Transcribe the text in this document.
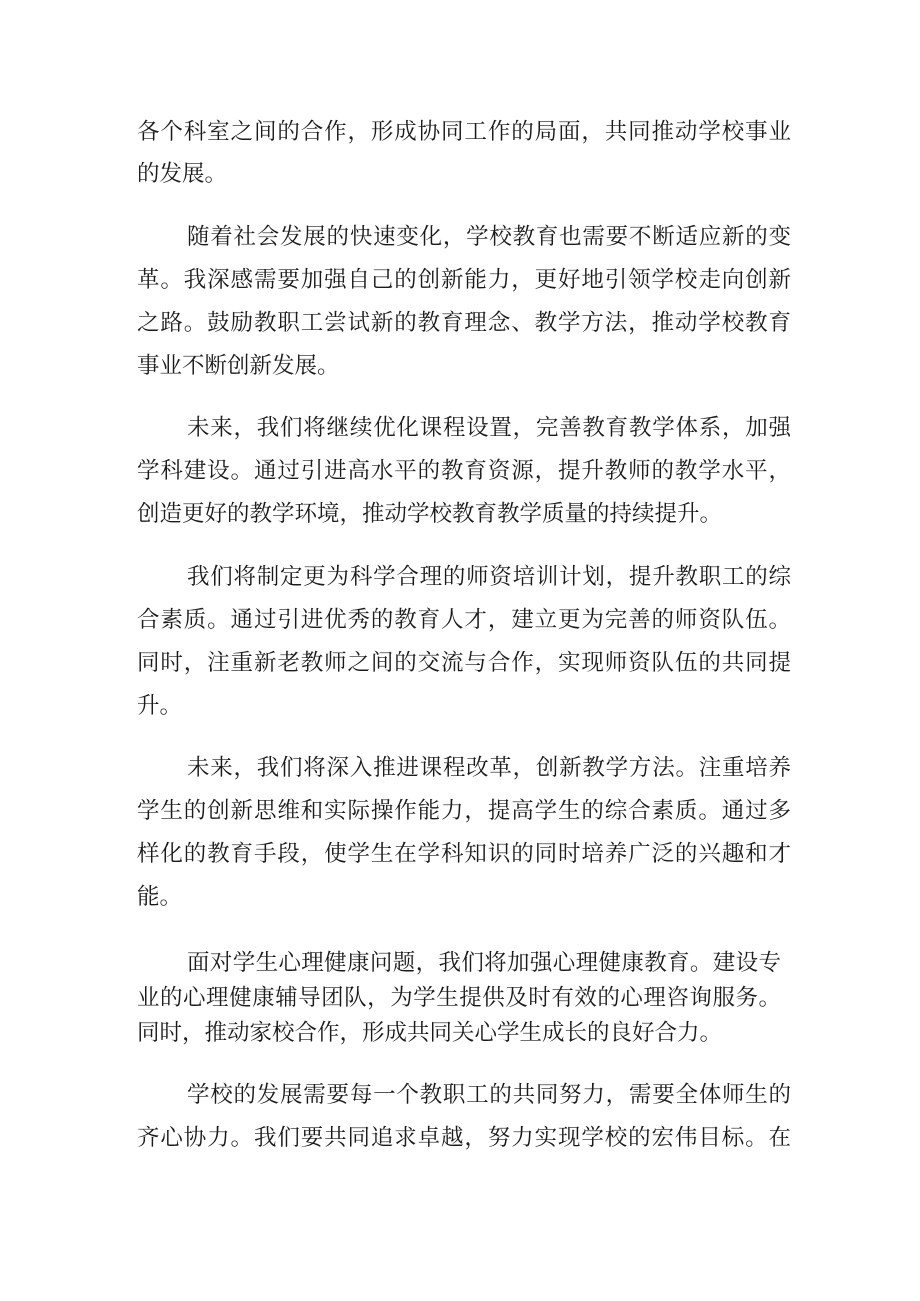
各个科室之间的合作，形成协同工作的局面，共同推动学校事业
的发展。
随着社会发展的快速变化，学校教育也需要不断适应新的变
革。我深感需要加强自己的创新能力，更好地引领学校走向创新
之路。鼓励教职工尝试新的教育理念、教学方法，推动学校教育
事业不断创新发展。
未来，我们将继续优化课程设置，完善教育教学体系，加强
学科建设。通过引进高水平的教育资源，提升教师的教学水平，
创造更好的教学环境，推动学校教育教学质量的持续提升。
我们将制定更为科学合理的师资培训计划，提升教职工的综
合素质。通过引进优秀的教育人才，建立更为完善的师资队伍。
同时，注重新老教师之间的交流与合作，实现师资队伍的共同提
升。
未来，我们将深入推进课程改革，创新教学方法。注重培养
学生的创新思维和实际操作能力，提高学生的综合素质。通过多
样化的教育手段，使学生在学科知识的同时培养广泛的兴趣和才
能。
面对学生心理健康问题，我们将加强心理健康教育。建设专
业的心理健康辅导团队，为学生提供及时有效的心理咨询服务。
同时，推动家校合作，形成共同关心学生成长的良好合力。
学校的发展需要每一个教职工的共同努力，需要全体师生的
齐心协力。我们要共同追求卓越，努力实现学校的宏伟目标。在
